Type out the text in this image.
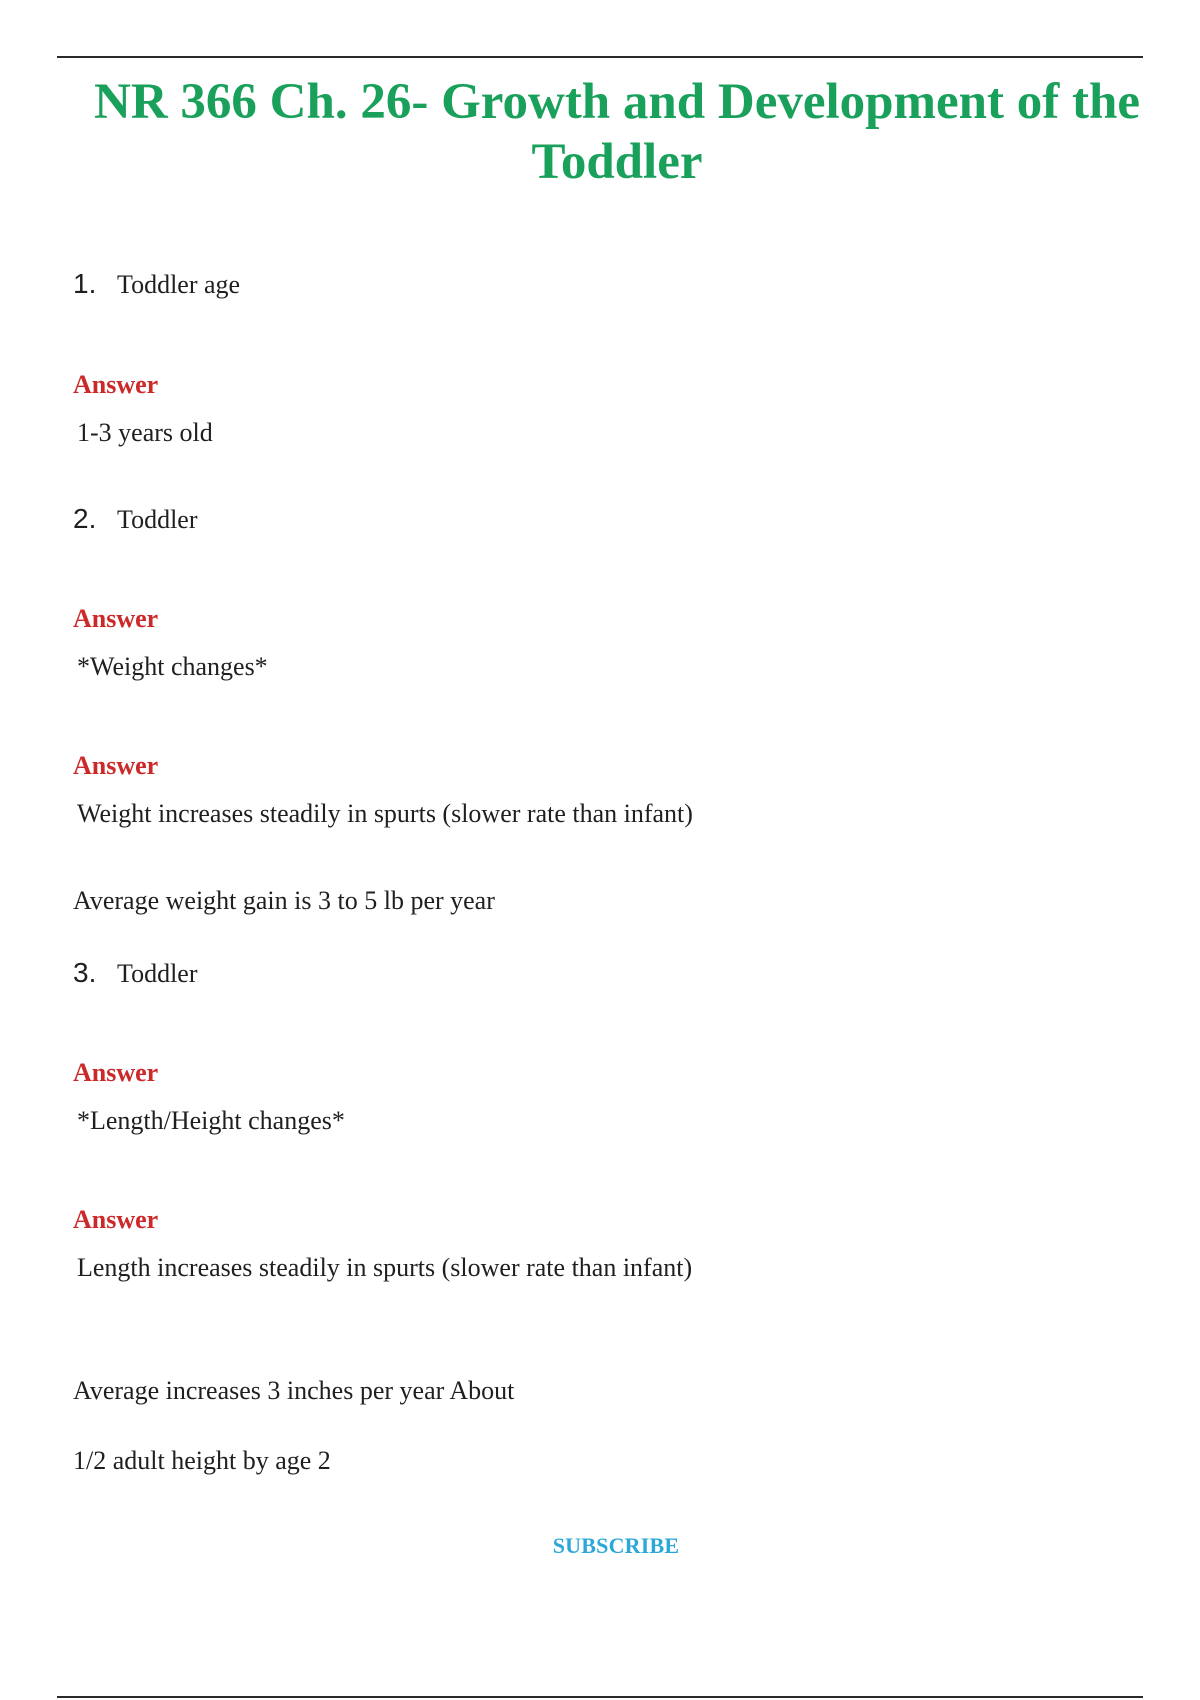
NR 366 Ch. 26- Growth and Development of the Toddler
1. Toddler age
Answer
1-3 years old
2. Toddler
Answer
*Weight changes*
Answer
Weight increases steadily in spurts (slower rate than infant)
Average weight gain is 3 to 5 lb per year
3. Toddler
Answer
*Length/Height changes*
Answer
Length increases steadily in spurts (slower rate than infant)
Average increases 3 inches per year About
1/2 adult height by age 2
SUBSCRIBE
